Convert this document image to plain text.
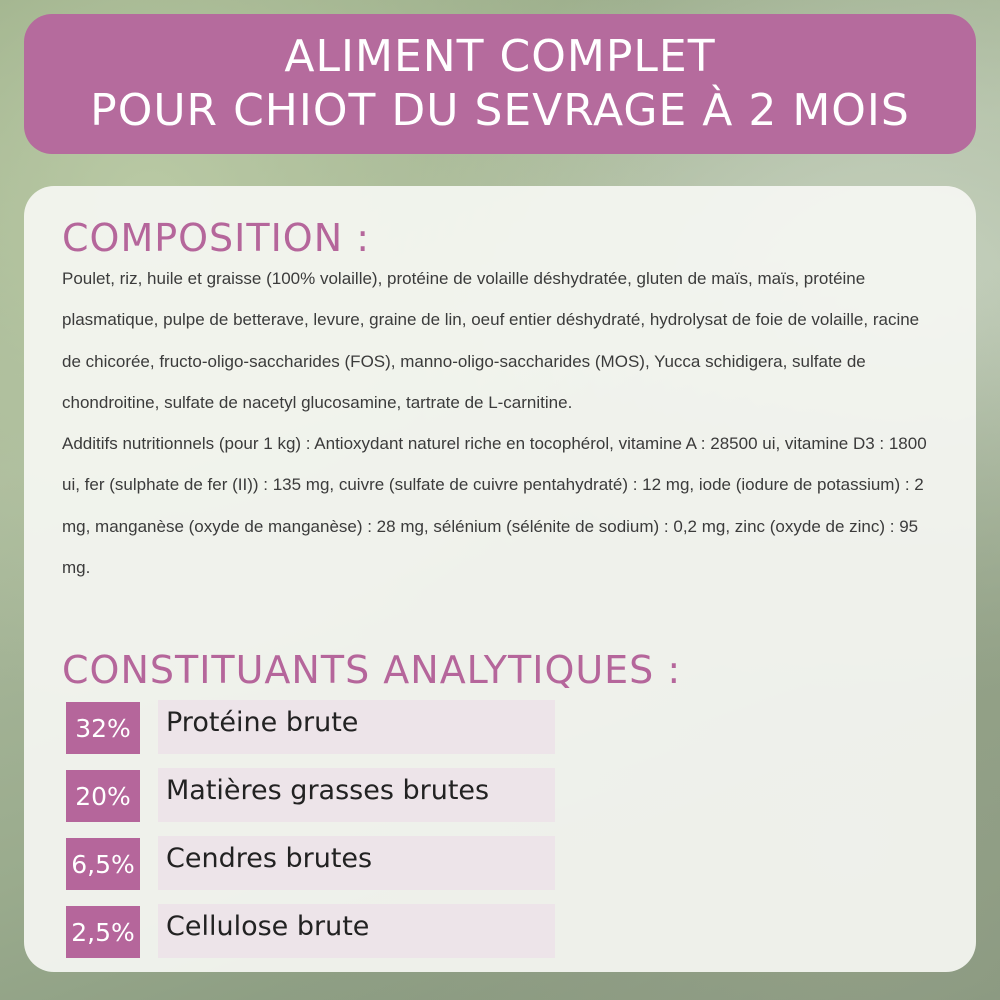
ALIMENT COMPLET
POUR CHIOT DU SEVRAGE À 2 MOIS
COMPOSITION :

Poulet, riz, huile et graisse (100% volaille), protéine de volaille déshydratée, gluten de maïs, maïs, protéine plasmatique, pulpe de betterave, levure, graine de lin, oeuf entier déshydraté, hydrolysat de foie de volaille, racine de chicorée, fructo-oligo-saccharides (FOS), manno-oligo-saccharides (MOS), Yucca schidigera, sulfate de chondroitine, sulfate de nacetyl glucosamine, tartrate de L-carnitine.

Additifs nutritionnels (pour 1 kg) : Antioxydant naturel riche en tocophérol, vitamine A : 28500 ui, vitamine D3 : 1800 ui, fer (sulphate de fer (II)) : 135 mg, cuivre (sulfate de cuivre pentahydraté) : 12 mg, iode (iodure de potassium) : 2 mg, manganèse (oxyde de manganèse) : 28 mg, sélénium (sélénite de sodium) : 0,2 mg, zinc (oxyde de zinc) : 95 mg.

CONSTITUANTS ANALYTIQUES :
32%	Protéine brute
20%	Matières grasses brutes
6,5% Cendres brutes
2,5% Cellulose brute
